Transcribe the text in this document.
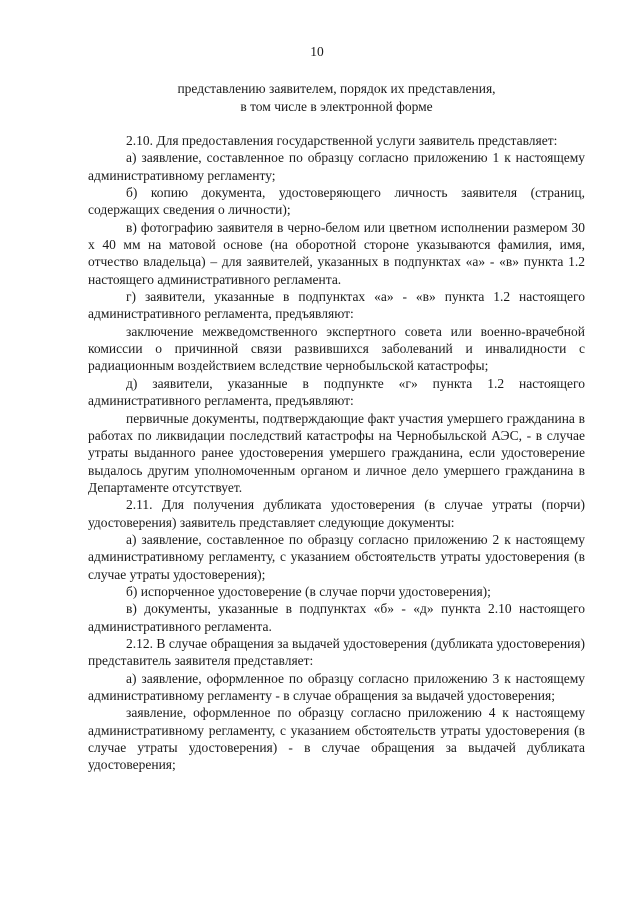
10
представлению заявителем, порядок их представления,
в том числе в электронной форме

2.10. Для предоставления государственной услуги заявитель представляет:

а) заявление, составленное по образцу согласно приложению 1 к настоящему административному регламенту;

б) копию документа, удостоверяющего личность заявителя (страниц, содержащих сведения о личности);

в) фотографию заявителя в черно-белом или цветном исполнении размером 30 х 40 мм на матовой основе (на оборотной стороне указываются фамилия, имя, отчество владельца) – для заявителей, указанных в подпунктах «а» - «в» пункта 1.2 настоящего административного регламента.

г) заявители, указанные в подпунктах «а» - «в» пункта 1.2 настоящего административного регламента, предъявляют:

заключение межведомственного экспертного совета или военно-врачебной комиссии о причинной связи развившихся заболеваний и инвалидности с радиационным воздействием вследствие чернобыльской катастрофы;

д) заявители, указанные в подпункте «г» пункта 1.2 настоящего административного регламента, предъявляют:

первичные документы, подтверждающие факт участия умершего гражданина в работах по ликвидации последствий катастрофы на Чернобыльской АЭС, - в случае утраты выданного ранее удостоверения умершего гражданина, если удостоверение выдалось другим уполномоченным органом и личное дело умершего гражданина в Департаменте отсутствует.

2.11. Для получения дубликата удостоверения (в случае утраты (порчи) удостоверения) заявитель представляет следующие документы:

а) заявление, составленное по образцу согласно приложению 2 к настоящему административному регламенту, с указанием обстоятельств утраты удостоверения (в случае утраты удостоверения);

б) испорченное удостоверение (в случае порчи удостоверения);

в) документы, указанные в подпунктах «б» - «д» пункта 2.10 настоящего административного регламента.

2.12. В случае обращения за выдачей удостоверения (дубликата удостоверения) представитель заявителя представляет:

а) заявление, оформленное по образцу согласно приложению 3 к настоящему административному регламенту - в случае обращения за выдачей удостоверения;

заявление, оформленное по образцу согласно приложению 4 к настоящему административному регламенту, с указанием обстоятельств утраты удостоверения (в случае утраты удостоверения) - в случае обращения за выдачей дубликата удостоверения;
